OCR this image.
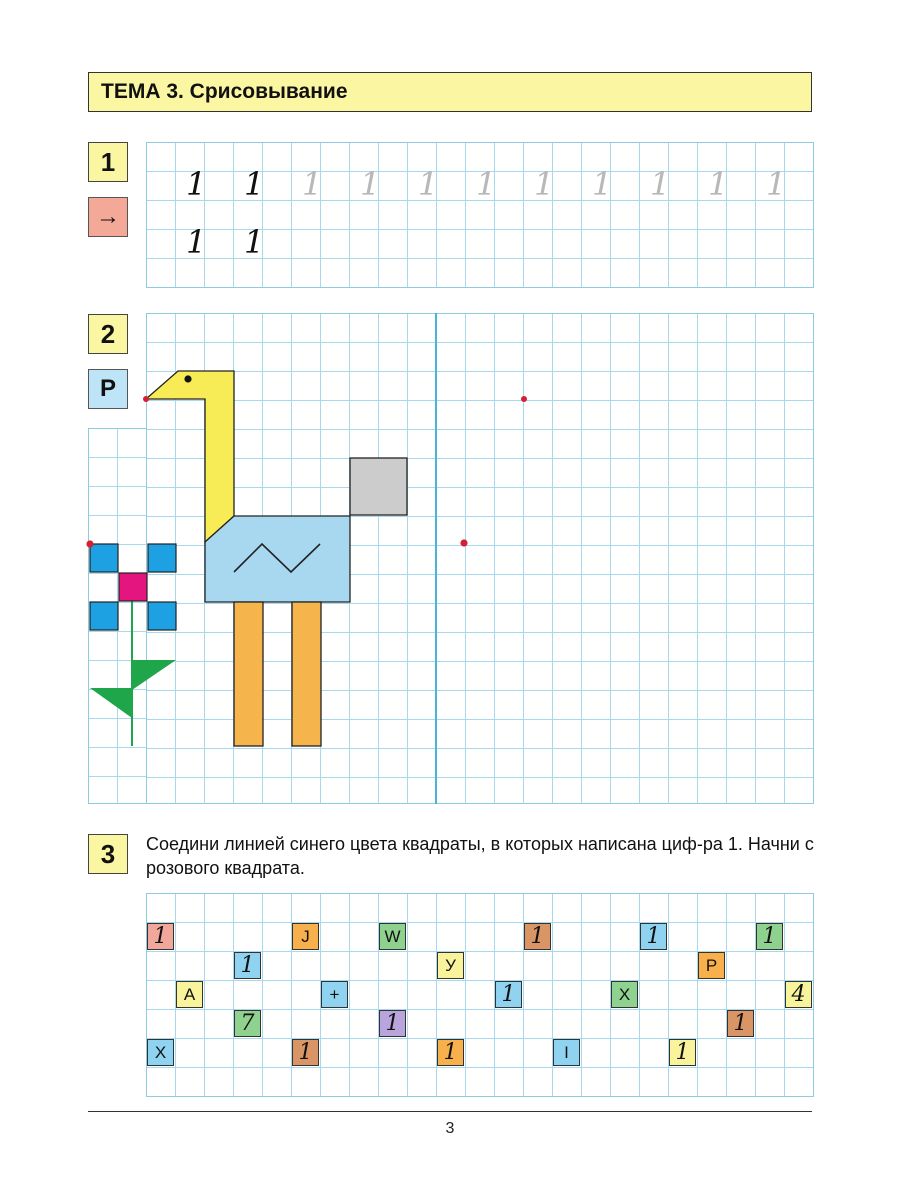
ТЕМА 3. Срисовывание
1
→
1 1 1 1 1 1 1 1 1 1 1
1 1
2
P
3	Соедини линией синего цвета квадраты, в которых написана циф-ра 1. Начни с розового квадрата.
1	J	W	1	1	1
1	У	P
A	+	1	X	4
7	1	1
X	1	1	I	1
3
